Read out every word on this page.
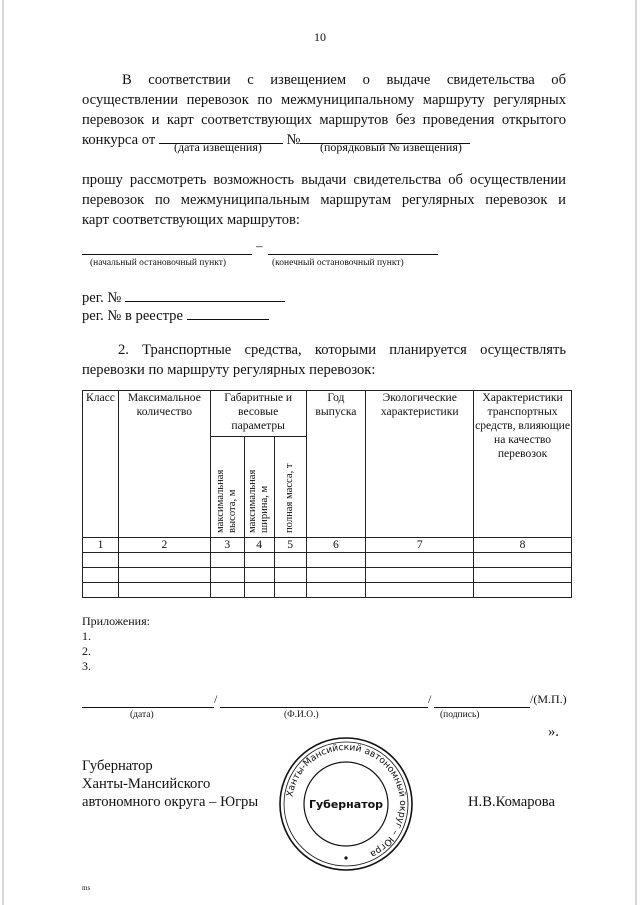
10
В соответствии с извещением о выдаче свидетельства об
осуществлении перевозок по межмуниципальному маршруту регулярных
перевозок и карт соответствующих маршрутов без проведения открытого
конкурса от	№
(дата извещения)	(порядковый № извещения)
прошу рассмотреть возможность выдачи свидетельства об осуществлении
перевозок по межмуниципальным маршрутам регулярных перевозок и
карт соответствующих маршрутов:
–
(начальный остановочный пункт)	(конечный остановочный пункт)
рег. №
рег. № в реестре
2. Транспортные средства, которыми планируется осуществлять
перевозки по маршруту регулярных перевозок:
Класс	Максимальное количество	Габаритные и весовые параметры			Год выпуска	Экологические характеристики	Характеристики транспортных средств, влияющие на качество перевозок
		максимальная высота, м	максимальная ширина, м	полная масса, т			
1	2	3	4	5	6	7	8

Приложения:
1.
2.
3.
/	/	/(М.П.)
(дата)	(Ф.И.О.)	(подпись)
».
Губернатор
Ханты-Мансийского
автономного округа – Югры	Н.В.Комарова
Ханты-Мансийский автономный округ – Югра
Губернатор
ms
